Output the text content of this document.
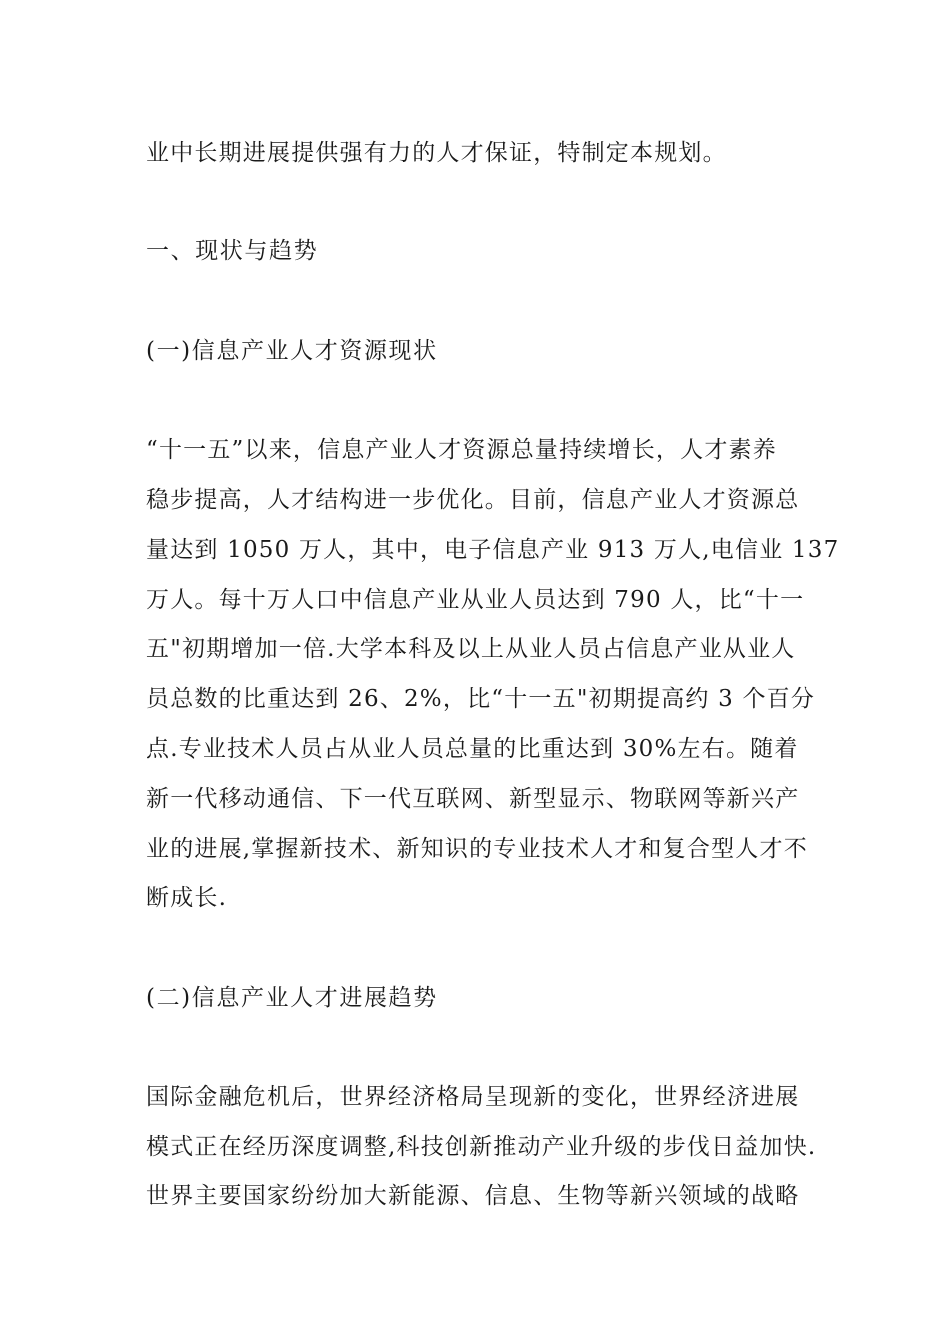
业中长期进展提供强有力的人才保证，特制定本规划。
一、现状与趋势
(一)信息产业人才资源现状
“十一五”以来，信息产业人才资源总量持续增长，人才素养
稳步提高，人才结构进一步优化。目前，信息产业人才资源总
量达到 1050 万人，其中，电子信息产业 913 万人,电信业 137
万人。每十万人口中信息产业从业人员达到 790 人，比“十一
五"初期增加一倍.大学本科及以上从业人员占信息产业从业人
员总数的比重达到 26、2%，比“十一五"初期提高约 3 个百分
点.专业技术人员占从业人员总量的比重达到 30%左右。随着
新一代移动通信、下一代互联网、新型显示、物联网等新兴产
业的进展,掌握新技术、新知识的专业技术人才和复合型人才不
断成长.
(二)信息产业人才进展趋势
国际金融危机后，世界经济格局呈现新的变化，世界经济进展
模式正在经历深度调整,科技创新推动产业升级的步伐日益加快.
世界主要国家纷纷加大新能源、信息、生物等新兴领域的战略
